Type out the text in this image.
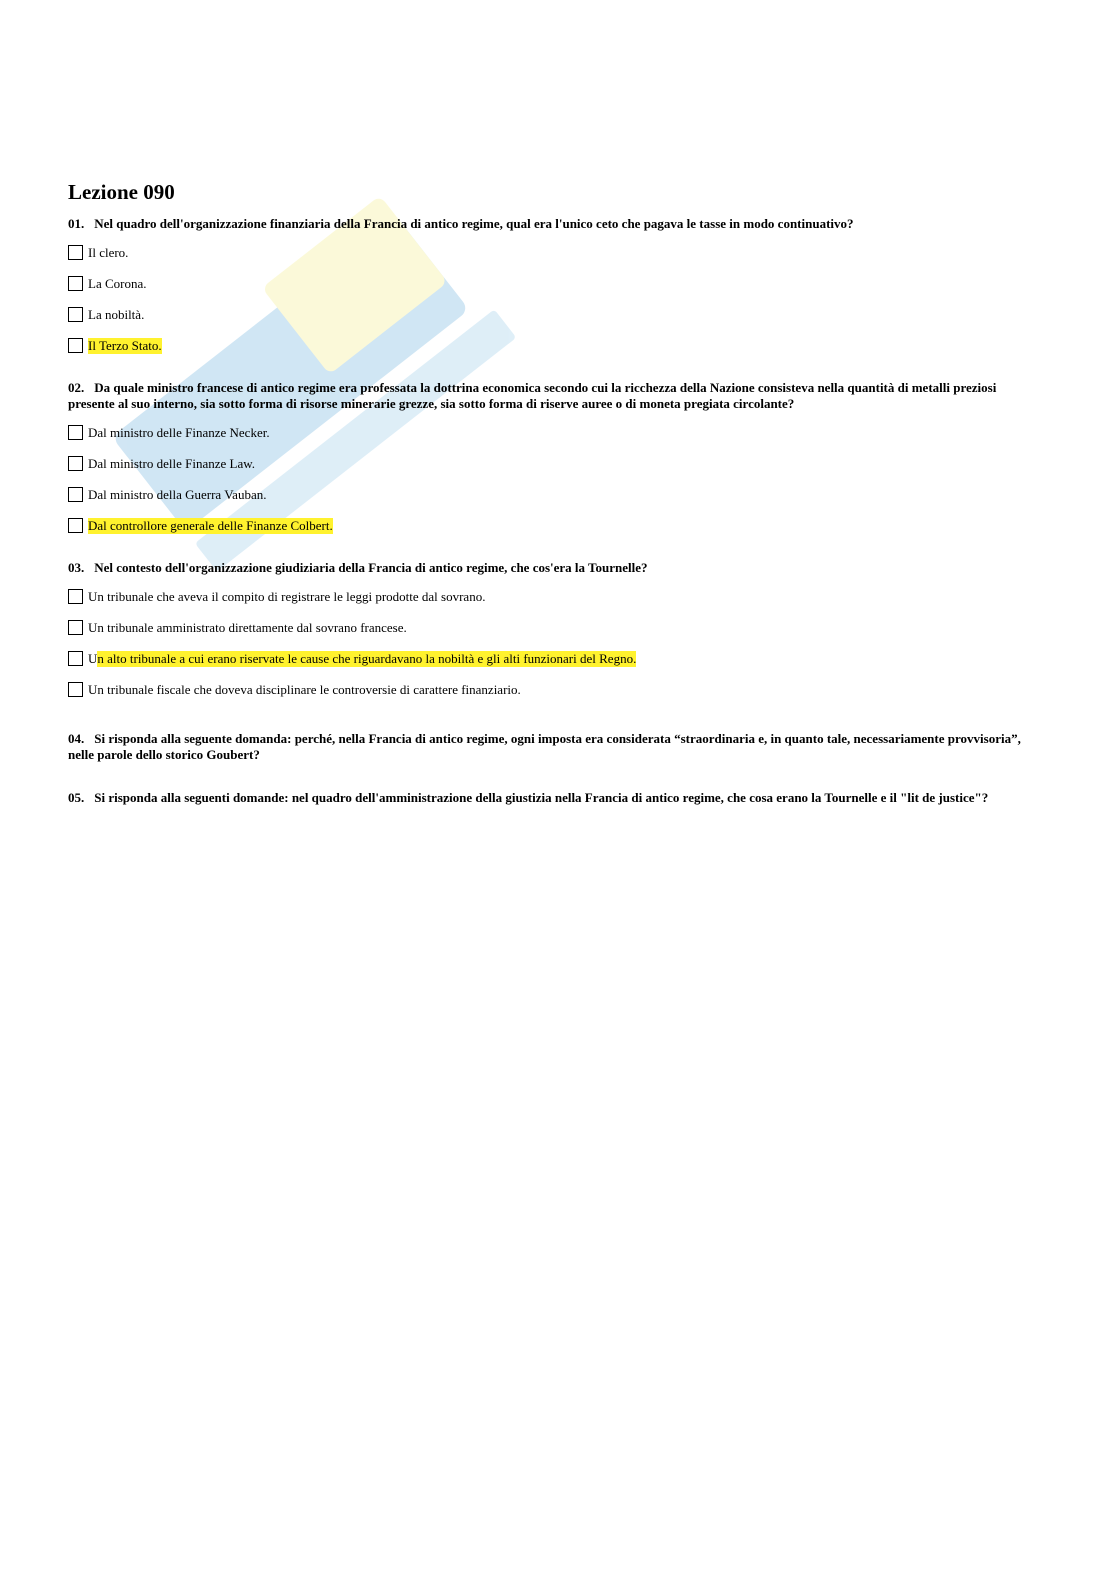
Lezione 090

01. Nel quadro dell'organizzazione finanziaria della Francia di antico regime, qual era l'unico ceto che pagava le tasse in modo continuativo?

Il clero.
La Corona.
La nobiltà.
Il Terzo Stato.

02. Da quale ministro francese di antico regime era professata la dottrina economica secondo cui la ricchezza della Nazione consisteva nella quantità di metalli preziosi presente al suo interno, sia sotto forma di risorse minerarie grezze, sia sotto forma di riserve auree o di moneta pregiata circolante?

Dal ministro delle Finanze Necker.
Dal ministro delle Finanze Law.
Dal ministro della Guerra Vauban.
Dal controllore generale delle Finanze Colbert.

03. Nel contesto dell'organizzazione giudiziaria della Francia di antico regime, che cos'era la Tournelle?

Un tribunale che aveva il compito di registrare le leggi prodotte dal sovrano.
Un tribunale amministrato direttamente dal sovrano francese.
U n alto tribunale a cui erano riservate le cause che riguardavano la nobiltà e gli alti funzionari del Regno.
Un tribunale fiscale che doveva disciplinare le controversie di carattere finanziario.

04. Si risponda alla seguente domanda: perché, nella Francia di antico regime, ogni imposta era considerata “straordinaria e, in quanto tale, necessariamente provvisoria”, nelle parole dello storico Goubert?

05. Si risponda alla seguenti domande: nel quadro dell'amministrazione della giustizia nella Francia di antico regime, che cosa erano la Tournelle e il "lit de justice"?
